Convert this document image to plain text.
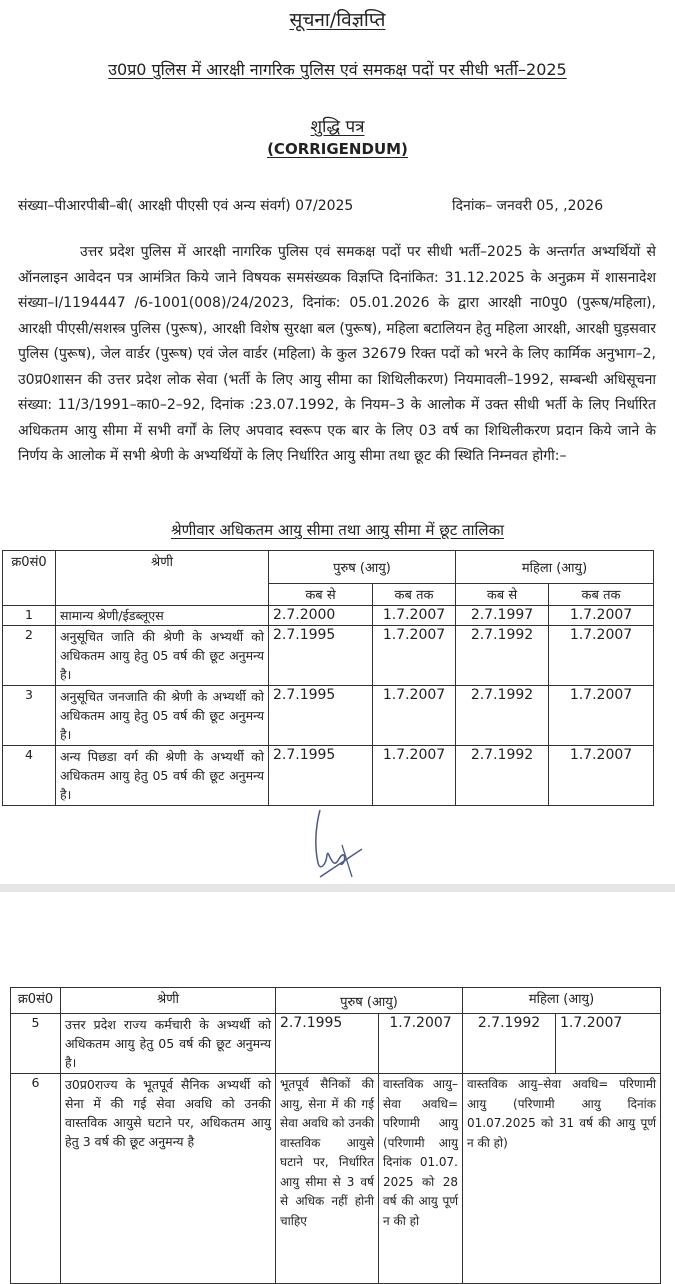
सूचना/विज्ञप्ति
उ0प्र0 पुलिस में आरक्षी नागरिक पुलिस एवं समकक्ष पदों पर सीधी भर्ती–2025
शुद्धि पत्र
(CORRIGENDUM)
संख्या–पीआरपीबी–बी( आरक्षी पीएसी एवं अन्य संवर्ग) 07/2025	दिनांक– जनवरी 05, ,2026
उत्तर प्रदेश पुलिस में आरक्षी नागरिक पुलिस एवं समकक्ष पदों पर सीधी भर्ती–2025 के अन्तर्गत अभ्यर्थियों से ऑनलाइन आवेदन पत्र आमंत्रित किये जाने विषयक समसंख्यक विज्ञप्ति दिनांकित: 31.12.2025 के अनुक्रम में शासनादेश संख्या–I/1194447 /6-1001(008)/24/2023, दिनांक: 05.01.2026 के द्वारा आरक्षी ना0पु0 (पुरूष/महिला), आरक्षी पीएसी/सशस्त्र पुलिस (पुरूष), आरक्षी विशेष सुरक्षा बल (पुरूष), महिला बटालियन हेतु महिला आरक्षी, आरक्षी घुड़सवार पुलिस (पुरूष), जेल वार्डर (पुरूष) एवं जेल वार्डर (महिला) के कुल 32679 रिक्त पदों को भरने के लिए कार्मिक अनुभाग–2, उ0प्र0शासन की उत्तर प्रदेश लोक सेवा (भर्ती के लिए आयु सीमा का शिथिलीकरण) नियमावली–1992, सम्बन्धी अधिसूचना संख्या: 11/3/1991–का0–2–92, दिनांक :23.07.1992, के नियम–3 के आलोक में उक्त सीधी भर्ती के लिए निर्धारित अधिकतम आयु सीमा में सभी वर्गों के लिए अपवाद स्वरूप एक बार के लिए 03 वर्ष का शिथिलीकरण प्रदान किये जाने के निर्णय के आलोक में सभी श्रेणी के अभ्यर्थियों के लिए निर्धारित आयु सीमा तथा छूट की स्थिति निम्नवत होगी:–
श्रेणीवार अधिकतम आयु सीमा तथा आयु सीमा में छूट तालिका
क्र0सं0	श्रेणी	पुरुष (आयु)		महिला (आयु)	
		कब से	कब तक	कब से	कब तक
1	सामान्य श्रेणी/ईडब्लूएस	2.7.2000	1.7.2007	2.7.1997	1.7.2007
2	अनुसूचित जाति की श्रेणी के अभ्यर्थी को अधिकतम आयु हेतु 05 वर्ष की छूट अनुमन्य है।	2.7.1995	1.7.2007	2.7.1992	1.7.2007
3	अनुसूचित जनजाति की श्रेणी के अभ्यर्थी को अधिकतम आयु हेतु 05 वर्ष की छूट अनुमन्य है।	2.7.1995	1.7.2007	2.7.1992	1.7.2007
4	अन्य पिछडा वर्ग की श्रेणी के अभ्यर्थी को अधिकतम आयु हेतु 05 वर्ष की छूट अनुमन्य है।	2.7.1995	1.7.2007	2.7.1992	1.7.2007
क्र0सं0	श्रेणी	पुरुष (आयु)		महिला (आयु)	
5	उत्तर प्रदेश राज्य कर्मचारी के अभ्यर्थी को अधिकतम आयु हेतु 05 वर्ष की छूट अनुमन्य है।	2.7.1995	1.7.2007	2.7.1992	1.7.2007
6	उ0प्र0राज्य के भूतपूर्व सैनिक अभ्यर्थी को सेना में की गई सेवा अवधि को उनकी वास्तविक आयुसे घटाने पर, अधिकतम आयु हेतु 3 वर्ष की छूट अनुमन्य है	भूतपूर्व सैनिकों की आयु, सेना में की गई सेवा अवधि को उनकी वास्तविक आयुसे घटाने पर, निर्धारित आयु सीमा से 3 वर्ष से अधिक नहीं होनी चाहिए	वास्तविक आयु–सेवा अवधि= परिणामी आयु (परिणामी आयु दिनांक 01.07. 2025 को 28 वर्ष की आयु पूर्ण न की हो	वास्तविक आयु–सेवा अवधि= परिणामी आयु (परिणामी आयु दिनांक 01.07.2025 को 31 वर्ष की आयु पूर्ण न की हो)	
